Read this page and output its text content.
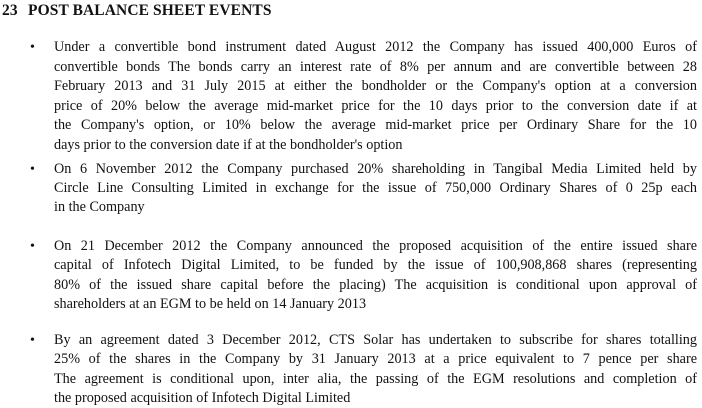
23 POST BALANCE SHEET EVENTS
• Under a convertible bond instrument dated August 2012 the Company has issued 400,000 Euros of
convertible bonds The bonds carry an interest rate of 8% per annum and are convertible between 28
February 2013 and 31 July 2015 at either the bondholder or the Company's option at a conversion
price of 20% below the average mid-market price for the 10 days prior to the conversion date if at
the Company's option, or 10% below the average mid-market price per Ordinary Share for the 10
days prior to the conversion date if at the bondholder's option
• On 6 November 2012 the Company purchased 20% shareholding in Tangibal Media Limited held by
Circle Line Consulting Limited in exchange for the issue of 750,000 Ordinary Shares of 0 25p each
in the Company
• On 21 December 2012 the Company announced the proposed acquisition of the entire issued share
capital of Infotech Digital Limited, to be funded by the issue of 100,908,868 shares (representing
80% of the issued share capital before the placing) The acquisition is conditional upon approval of
shareholders at an EGM to be held on 14 January 2013
• By an agreement dated 3 December 2012, CTS Solar has undertaken to subscribe for shares totalling
25% of the shares in the Company by 31 January 2013 at a price equivalent to 7 pence per share
The agreement is conditional upon, inter alia, the passing of the EGM resolutions and completion of
the proposed acquisition of Infotech Digital Limited
